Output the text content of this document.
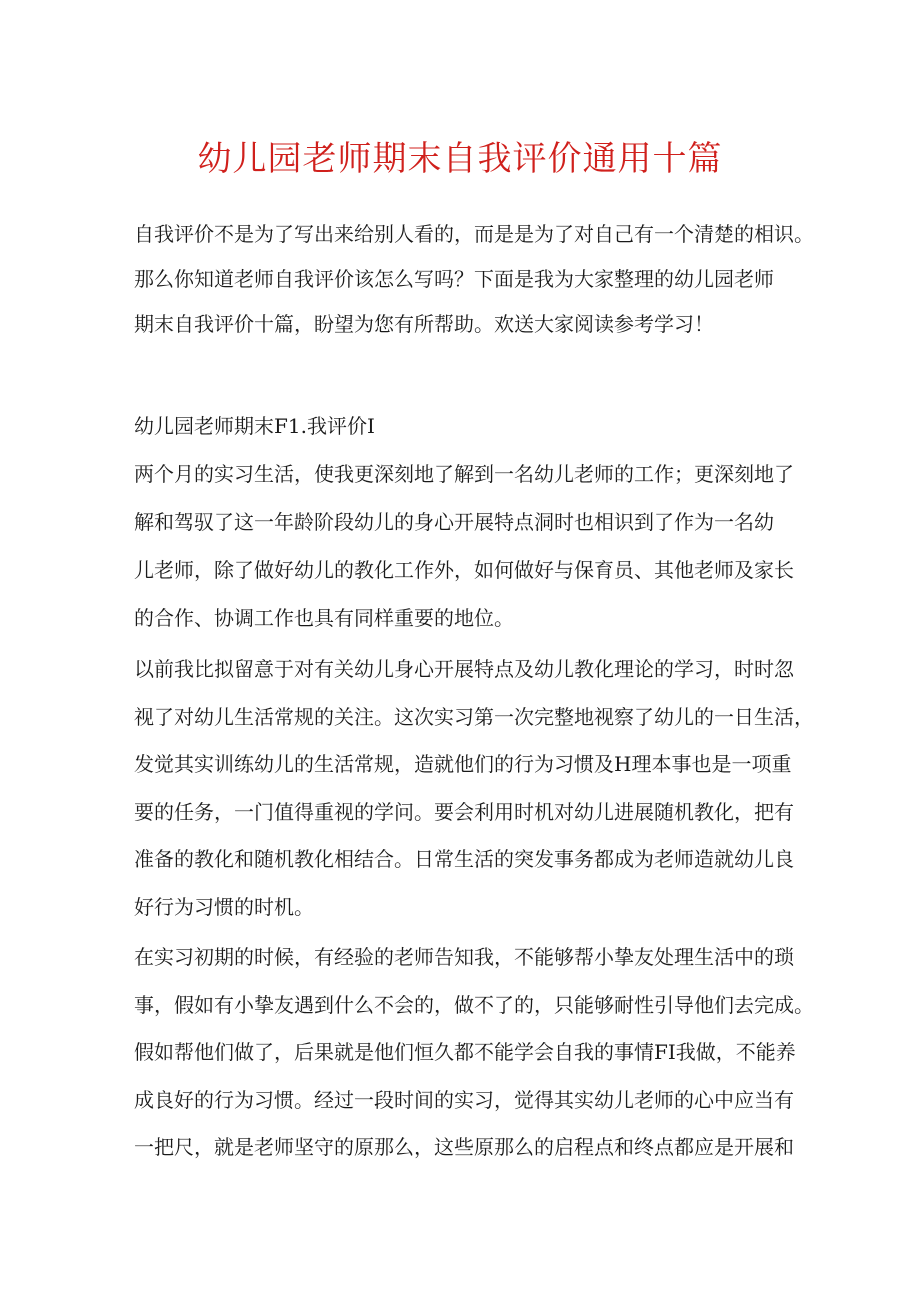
幼儿园老师期末自我评价通用十篇
自我评价不是为了写出来给别人看的，而是是为了对自己有一个清楚的相识。
那么你知道老师自我评价该怎么写吗？下面是我为大家整理的幼儿园老师
期末自我评价十篇，盼望为您有所帮助。欢送大家阅读参考学习！
幼儿园老师期末F1.我评价I
两个月的实习生活，使我更深刻地了解到一名幼儿老师的工作；更深刻地了
解和驾驭了这一年龄阶段幼儿的身心开展特点洞时也相识到了作为一名幼
儿老师，除了做好幼儿的教化工作外，如何做好与保育员、其他老师及家长
的合作、协调工作也具有同样重要的地位。
以前我比拟留意于对有关幼儿身心开展特点及幼儿教化理论的学习，时时忽
视了对幼儿生活常规的关注。这次实习第一次完整地视察了幼儿的一日生活，
发觉其实训练幼儿的生活常规，造就他们的行为习惯及H理本事也是一项重
要的任务，一门值得重视的学问。要会利用时机对幼儿进展随机教化，把有
准备的教化和随机教化相结合。日常生活的突发事务都成为老师造就幼儿良
好行为习惯的时机。
在实习初期的时候，有经验的老师告知我，不能够帮小挚友处理生活中的琐
事，假如有小挚友遇到什么不会的，做不了的，只能够耐性引导他们去完成。
假如帮他们做了，后果就是他们恒久都不能学会自我的事情FI我做，不能养
成良好的行为习惯。经过一段时间的实习，觉得其实幼儿老师的心中应当有
一把尺，就是老师坚守的原那么，这些原那么的启程点和终点都应是开展和
